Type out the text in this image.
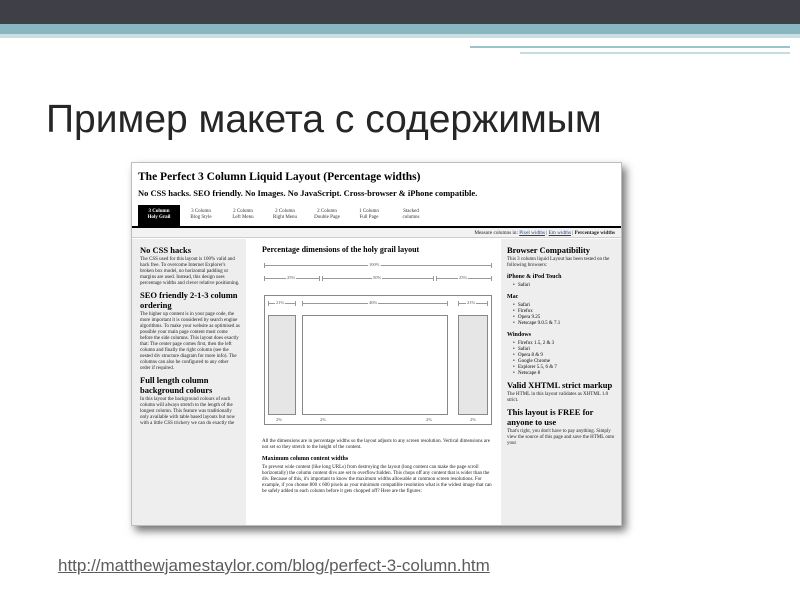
Пример макета с содержимым
The Perfect 3 Column Liquid Layout (Percentage widths)
No CSS hacks. SEO friendly. No Images. No JavaScript. Cross-browser & iPhone compatible.
3 Column
Holy Grail
3 Column
Blog Style
2 Column
Left Menu
2 Column
Right Menu
2 Column
Double Page
1 Column
Full Page
Stacked
columns
Measure columns in: Pixel widths | Em widths | Percentage widths
No CSS hacks

The CSS used for this layout is 100% valid and hack free. To overcome Internet Explorer's broken box model, no horizontal padding or margins are used. Instead, this design uses percentage widths and clever relative positioning.

SEO friendly 2-1-3 column ordering

The higher up content is in your page code, the more important it is considered by search engine algorithms. To make your website as optimised as possible your main page content must come before the side columns. This layout does exactly that: The center page comes first, then the left column and finally the right column (see the nested div structure diagram for more info). The columns can also be configured to any other order if required.

Full length column background colours

In this layout the background colours of each column will always stretch to the length of the longest column. This feature was traditionally only available with table based layouts but now with a little CSS trickery we can do exactly the

Percentage dimensions of the holy grail layout
100%
25%	50%	25%
21%	46%	21%
2%	2%	2%	2%

All the dimensions are in percentage widths so the layout adjusts to any screen resolution. Vertical dimensions are not set so they stretch to the height of the content.

Maximum column content widths

To prevent wide content (like long URLs) from destroying the layout (long content can make the page scroll horizontally) the column content divs are set to overflow:hidden. This chops off any content that is wider than the div. Because of this, it's important to know the maximum widths allowable at common screen resolutions. For example, if you choose 800 x 600 pixels as your minimum compatible resolution what is the widest image that can be safely added to each column before it gets chopped off? Here are the figures:

Browser Compatibility

This 3 column liquid Layout has been tested on the following browsers:

iPhone & iPod Touch
• Safari
Mac
• Safari
• Firefox
• Opera 9.25
• Netscape 9.0.5 & 7.1
Windows
• Firefox 1.5, 2 & 3
• Safari
• Opera 8 & 9
• Google Chrome
• Explorer 5.5, 6 & 7
• Netscape 8
Valid XHTML strict markup

The HTML in this layout validates as XHTML 1.0 strict.

This layout is FREE for anyone to use

That's right, you don't have to pay anything. Simply view the source of this page and save the HTML onto your

http://matthewjamestaylor.com/blog/perfect-3-column.htm
